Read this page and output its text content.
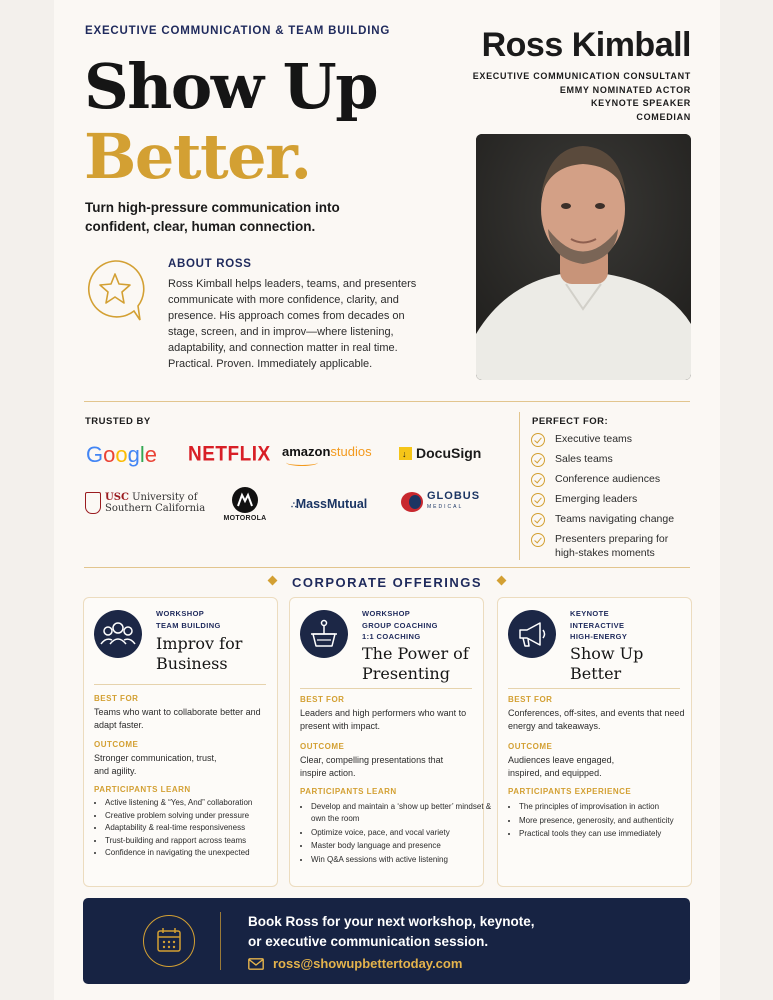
EXECUTIVE COMMUNICATION & TEAM BUILDING
Show Up
Better.
Turn high-pressure communication into confident, clear, human connection.
Ross Kimball
EXECUTIVE COMMUNICATION CONSULTANT
EMMY NOMINATED ACTOR
KEYNOTE SPEAKER
COMEDIAN
ABOUT ROSS
Ross Kimball helps leaders, teams, and presenters communicate with more confidence, clarity, and presence. His approach comes from decades on stage, screen, and in improv—where listening, adaptability, and connection matter in real time. Practical. Proven. Immediately applicable.
TRUSTED BY
Google NETFLIX amazonstudios	↓ DocuSign
USC University of
Southern California
MOTOROLA
∴MassMutual
GLOBUS
MEDICAL
PERFECT FOR:
Executive teams
Sales teams
Conference audiences
Emerging leaders
Teams navigating change
Presenters preparing for high-stakes moments
CORPORATE OFFERINGS
WORKSHOP
TEAM BUILDING
Improv for
Business
BEST FOR
Teams who want to collaborate better and adapt faster.
OUTCOME
Stronger communication, trust, and agility.
PARTICIPANTS LEARN
• Active listening & “Yes, And” collaboration
• Creative problem solving under pressure
• Adaptability & real-time responsiveness
• Trust-building and rapport across teams
• Confidence in navigating the unexpected
WORKSHOP
GROUP COACHING
1:1 COACHING
The Power of
Presenting
BEST FOR
Leaders and high performers who want to present with impact.
OUTCOME
Clear, compelling presentations that inspire action.
PARTICIPANTS LEARN
• Develop and maintain a ‘show up better’ mindset & own the room
• Optimize voice, pace, and vocal variety
• Master body language and presence
• Win Q&A sessions with active listening
KEYNOTE
INTERACTIVE
HIGH-ENERGY
Show Up
Better
BEST FOR
Conferences, off-sites, and events that need energy and takeaways.
OUTCOME
Audiences leave engaged, inspired, and equipped.
PARTICIPANTS EXPERIENCE
• The principles of improvisation in action
• More presence, generosity, and authenticity
• Practical tools they can use immediately
Book Ross for your next workshop, keynote,
or executive communication session.
ross@showupbettertoday.com
